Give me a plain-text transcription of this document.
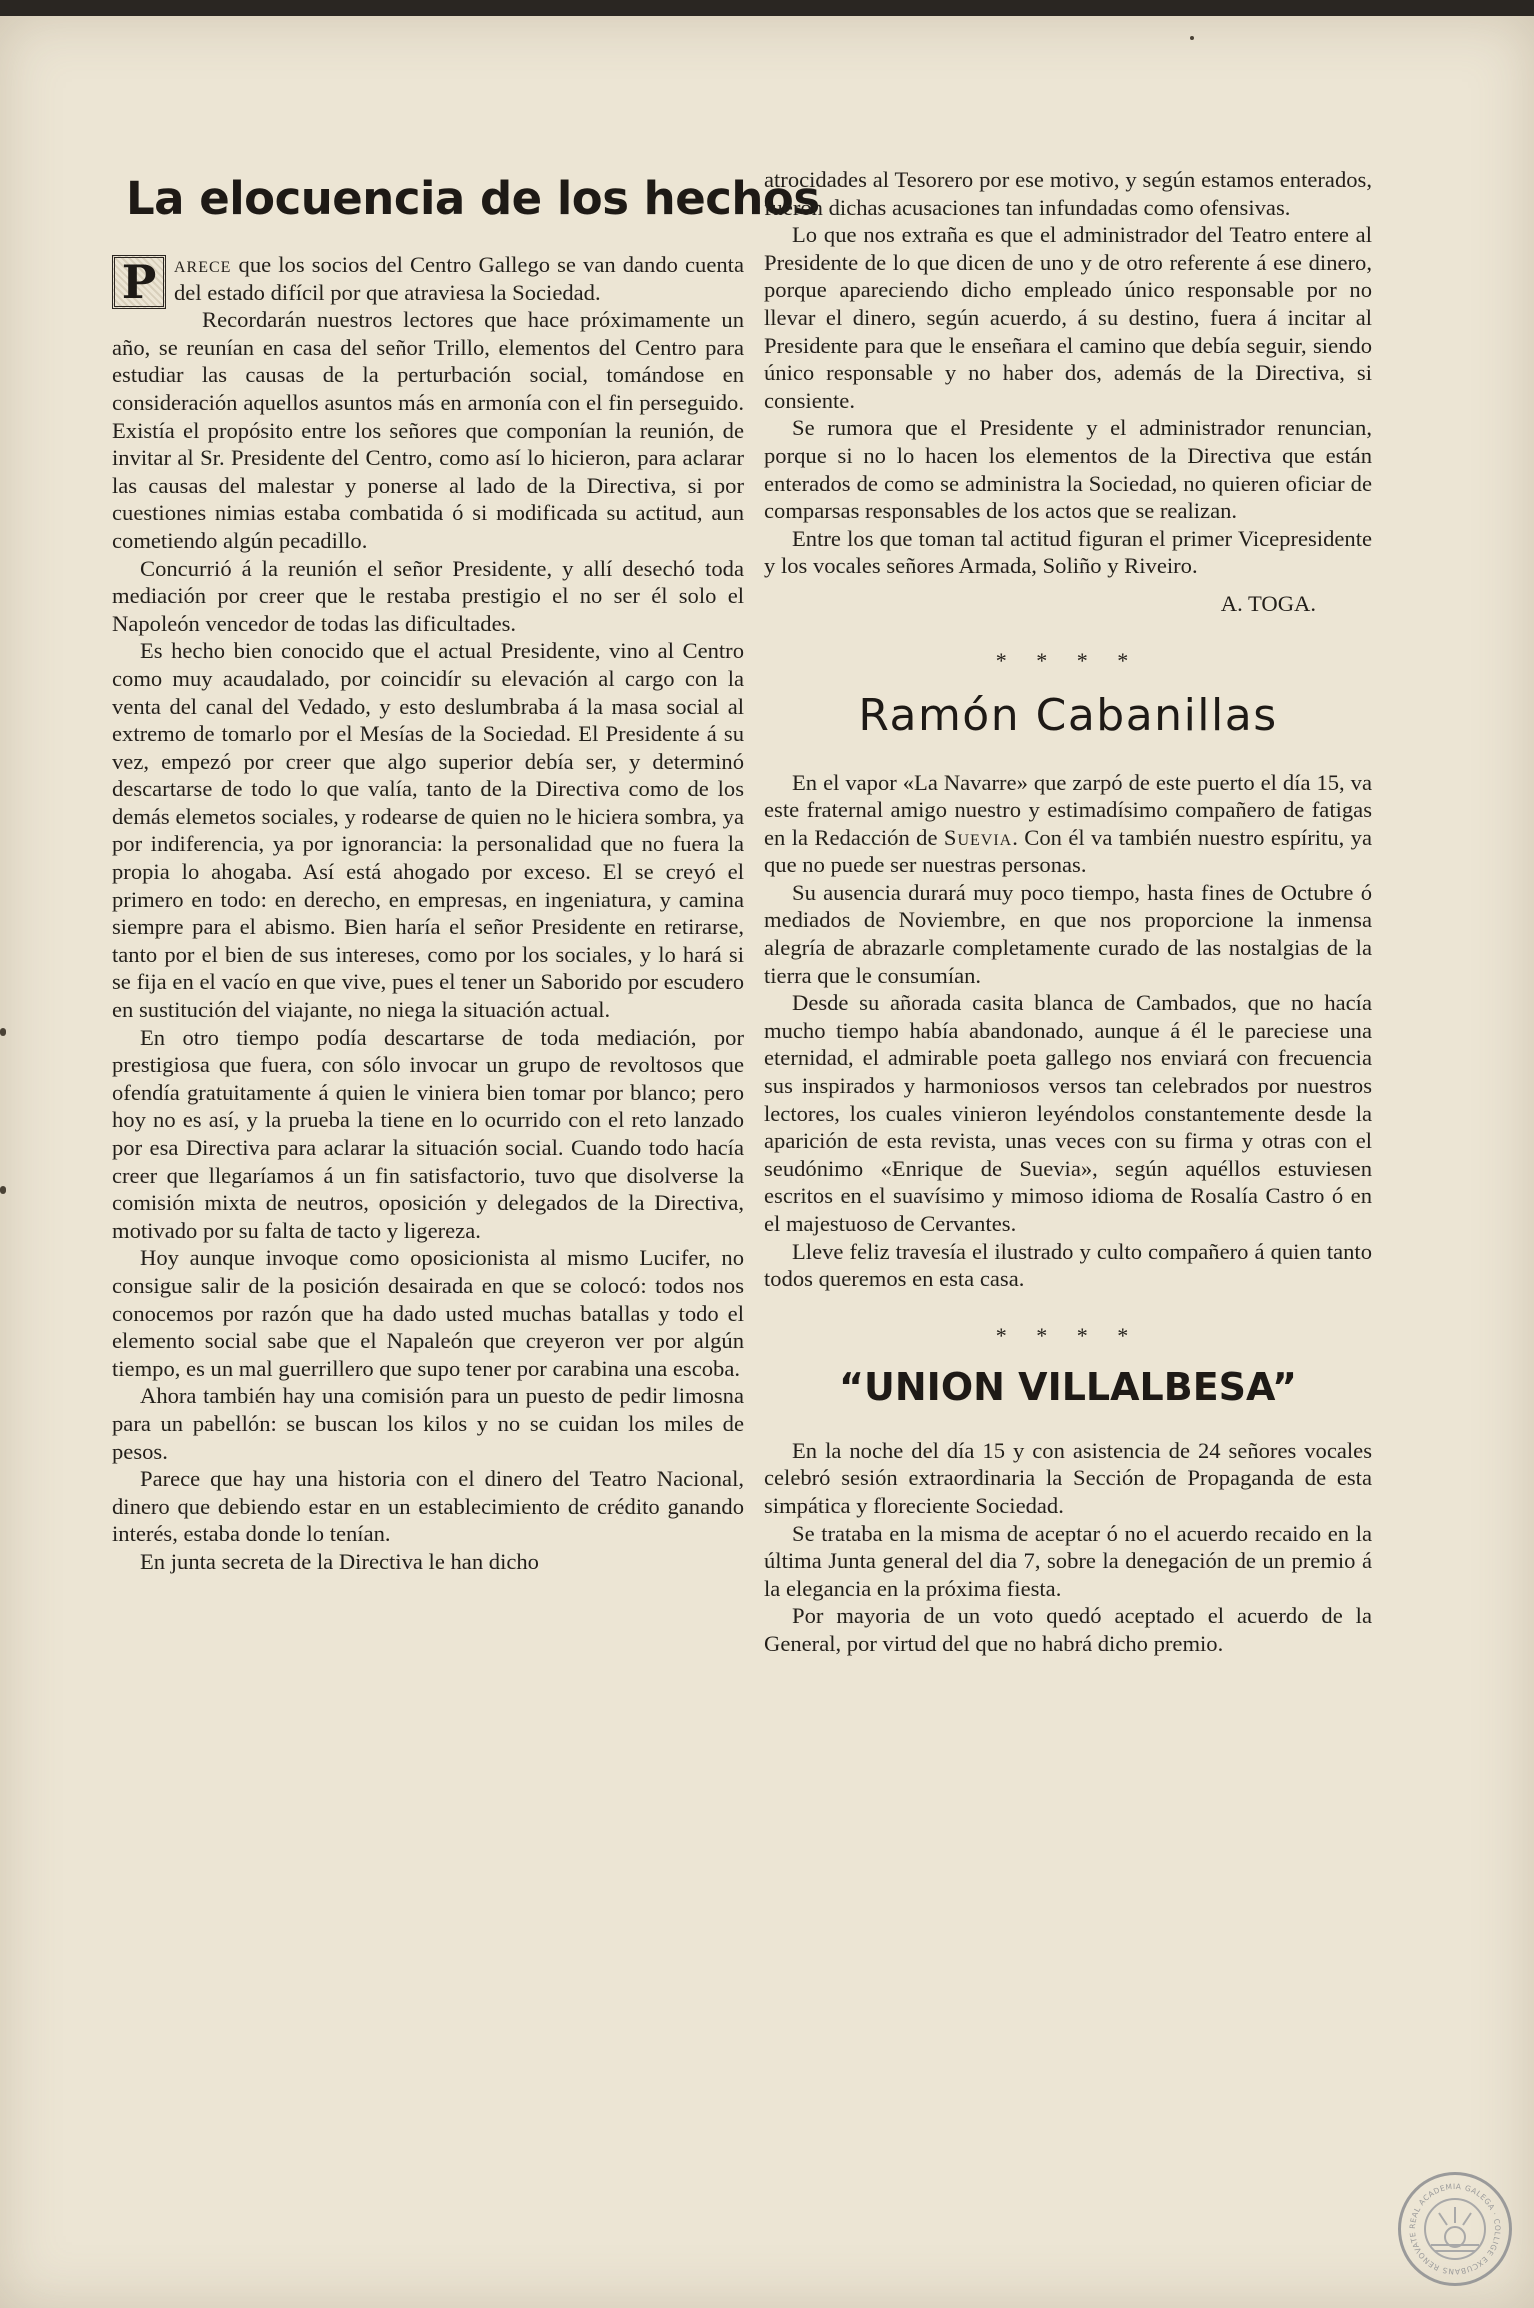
La elocuencia de los hechos

P arece que los socios del Centro Gallego se van dando cuenta del estado difícil por que atraviesa la Sociedad.

Recordarán nuestros lectores que hace próximamente un año, se reunían en casa del señor Trillo, elementos del Centro para estudiar las causas de la perturbación social, tomándose en consideración aquellos asuntos más en armonía con el fin perseguido. Existía el propósito entre los señores que componían la reunión, de invitar al Sr. Presidente del Centro, como así lo hicieron, para aclarar las causas del malestar y ponerse al lado de la Directiva, si por cuestiones nimias estaba combatida ó si modificada su actitud, aun cometiendo algún pecadillo.

Concurrió á la reunión el señor Presidente, y allí desechó toda mediación por creer que le restaba prestigio el no ser él solo el Napoleón vencedor de todas las dificultades.

Es hecho bien conocido que el actual Presidente, vino al Centro como muy acaudalado, por coincidír su elevación al cargo con la venta del canal del Vedado, y esto deslumbraba á la masa social al extremo de tomarlo por el Mesías de la Sociedad. El Presidente á su vez, empezó por creer que algo superior debía ser, y determinó descartarse de todo lo que valía, tanto de la Directiva como de los demás elemetos sociales, y rodearse de quien no le hiciera sombra, ya por indiferencia, ya por ignorancia: la personalidad que no fuera la propia lo ahogaba. Así está ahogado por exceso. El se creyó el primero en todo: en derecho, en empresas, en ingeniatura, y camina siempre para el abismo. Bien haría el señor Presidente en retirarse, tanto por el bien de sus intereses, como por los sociales, y lo hará si se fija en el vacío en que vive, pues el tener un Saborido por escudero en sustitución del viajante, no niega la situación actual.

En otro tiempo podía descartarse de toda mediación, por prestigiosa que fuera, con sólo invocar un grupo de revoltosos que ofendía gratuitamente á quien le viniera bien tomar por blanco; pero hoy no es así, y la prueba la tiene en lo ocurrido con el reto lanzado por esa Directiva para aclarar la situación social. Cuando todo hacía creer que llegaríamos á un fin satisfactorio, tuvo que disolverse la comisión mixta de neutros, oposición y delegados de la Directiva, motivado por su falta de tacto y ligereza.

Hoy aunque invoque como oposicionista al mismo Lucifer, no consigue salir de la posición desairada en que se colocó: todos nos conocemos por razón que ha dado usted muchas batallas y todo el elemento social sabe que el Napaleón que creyeron ver por algún tiempo, es un mal guerrillero que supo tener por carabina una escoba.

Ahora también hay una comisión para un puesto de pedir limosna para un pabellón: se buscan los kilos y no se cuidan los miles de pesos.

Parece que hay una historia con el dinero del Teatro Nacional, dinero que debiendo estar en un establecimiento de crédito ganando interés, estaba donde lo tenían.

En junta secreta de la Directiva le han dicho

atrocidades al Tesorero por ese motivo, y según estamos enterados, fueron dichas acusaciones tan infundadas como ofensivas.

Lo que nos extraña es que el administrador del Teatro entere al Presidente de lo que dicen de uno y de otro referente á ese dinero, porque apareciendo dicho empleado único responsable por no llevar el dinero, según acuerdo, á su destino, fuera á incitar al Presidente para que le enseñara el camino que debía seguir, siendo único responsable y no haber dos, además de la Directiva, si consiente.

Se rumora que el Presidente y el administrador renuncian, porque si no lo hacen los elementos de la Directiva que están enterados de como se administra la Sociedad, no quieren oficiar de comparsas responsables de los actos que se realizan.

Entre los que toman tal actitud figuran el primer Vicepresidente y los vocales señores Armada, Soliño y Riveiro.

A. TOGA.

* * * *
Ramón Cabanillas

En el vapor «La Navarre» que zarpó de este puerto el día 15, va este fraternal amigo nuestro y estimadísimo compañero de fatigas en la Redacción de Suevia. Con él va también nuestro espíritu, ya que no puede ser nuestras personas.

Su ausencia durará muy poco tiempo, hasta fines de Octubre ó mediados de Noviembre, en que nos proporcione la inmensa alegría de abrazarle completamente curado de las nostalgias de la tierra que le consumían.

Desde su añorada casita blanca de Cambados, que no hacía mucho tiempo había abandonado, aunque á él le pareciese una eternidad, el admirable poeta gallego nos enviará con frecuencia sus inspirados y harmoniosos versos tan celebrados por nuestros lectores, los cuales vinieron leyéndolos constantemente desde la aparición de esta revista, unas veces con su firma y otras con el seudónimo «Enrique de Suevia», según aquéllos estuviesen escritos en el suavísimo y mimoso idioma de Rosalía Castro ó en el majestuoso de Cervantes.

Lleve feliz travesía el ilustrado y culto compañero á quien tanto todos queremos en esta casa.

* * * *
“UNION VILLALBESA”

En la noche del día 15 y con asistencia de 24 señores vocales celebró sesión extraordinaria la Sección de Propaganda de esta simpática y floreciente Sociedad.

Se trataba en la misma de aceptar ó no el acuerdo recaido en la última Junta general del dia 7, sobre la denegación de un premio á la elegancia en la próxima fiesta.

Por mayoria de un voto quedó aceptado el acuerdo de la General, por virtud del que no habrá dicho premio.

REAL ACADEMIA GALEGA · COLLIGE EXCUBANS RENOVATE
